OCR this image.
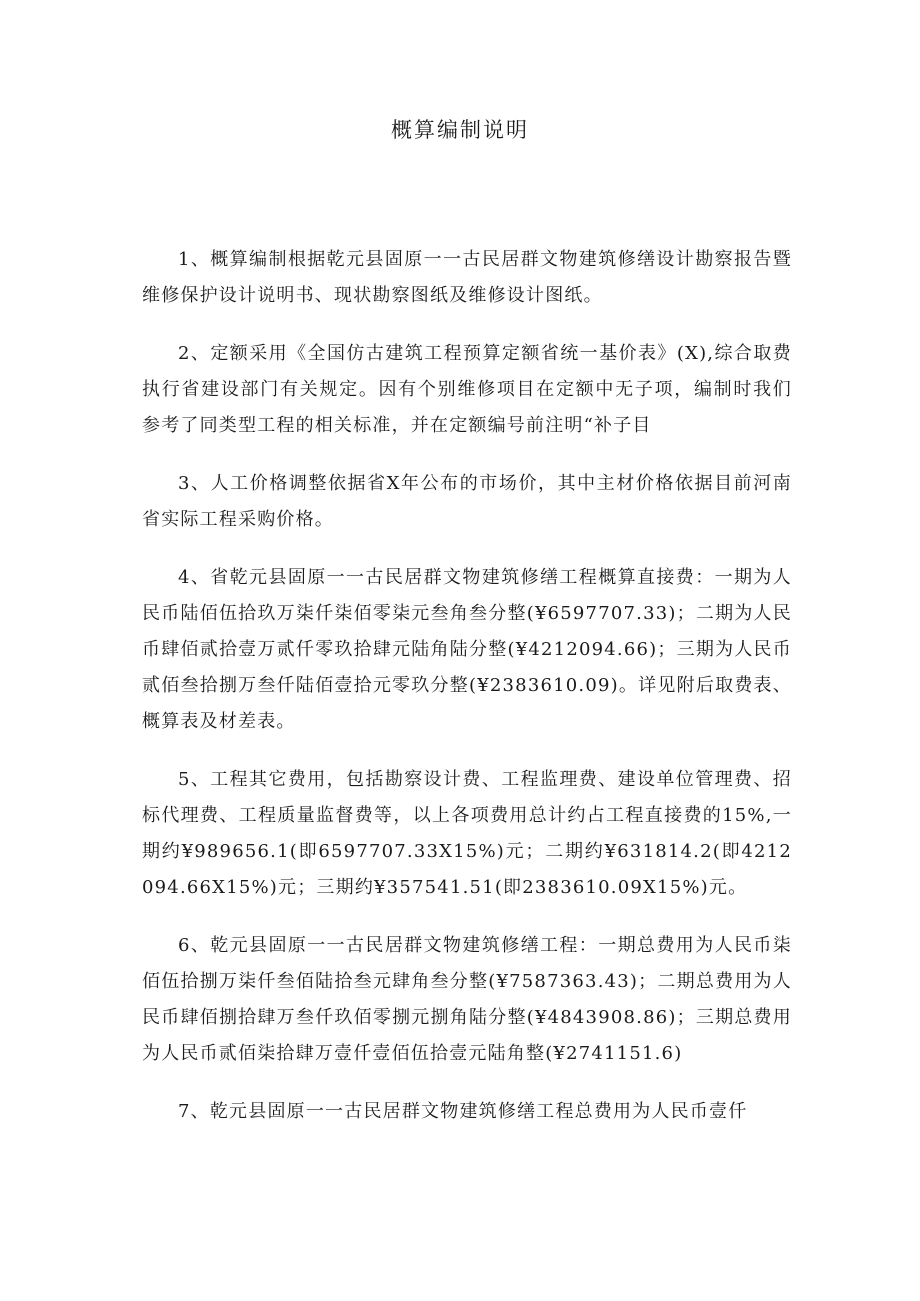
概算编制说明

1、概算编制根据乾元县固原一一古民居群文物建筑修缮设计勘察报告暨维修保护设计说明书、现状勘察图纸及维修设计图纸。

2、定额采用《全国仿古建筑工程预算定额省统一基价表》(X),综合取费执行省建设部门有关规定。因有个别维修项目在定额中无子项，编制时我们参考了同类型工程的相关标准，并在定额编号前注明“补子目

3、人工价格调整依据省X年公布的市场价，其中主材价格依据目前河南省实际工程采购价格。

4、省乾元县固原一一古民居群文物建筑修缮工程概算直接费：一期为人民币陆佰伍拾玖万柒仟柒佰零柒元叁角叁分整(¥6597707.33)；二期为人民币肆佰贰拾壹万贰仟零玖拾肆元陆角陆分整(¥4212094.66)；三期为人民币贰佰叁拾捌万叁仟陆佰壹拾元零玖分整(¥2383610.09)。详见附后取费表、概算表及材差表。

5、工程其它费用，包括勘察设计费、工程监理费、建设单位管理费、招标代理费、工程质量监督费等，以上各项费用总计约占工程直接费的15%,一期约¥989656.1(即6597707.33X15%)元；二期约¥631814.2(即4212094.66X15%)元；三期约¥357541.51(即2383610.09X15%)元。

6、乾元县固原一一古民居群文物建筑修缮工程：一期总费用为人民币柒佰伍拾捌万柒仟叁佰陆拾叁元肆角叁分整(¥7587363.43)；二期总费用为人民币肆佰捌拾肆万叁仟玖佰零捌元捌角陆分整(¥4843908.86)；三期总费用为人民币贰佰柒拾肆万壹仟壹佰伍拾壹元陆角整(¥2741151.6)

7、乾元县固原一一古民居群文物建筑修缮工程总费用为人民币壹仟
